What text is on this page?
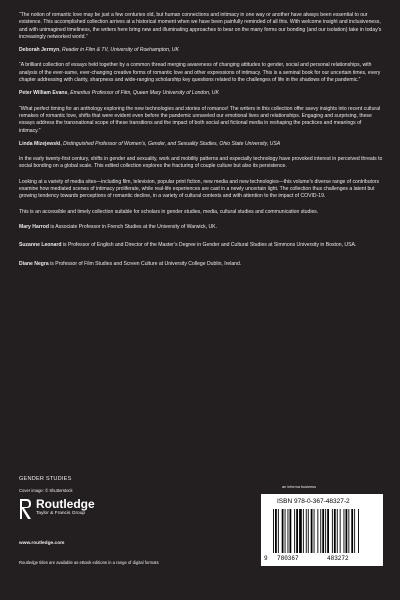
“The notion of romantic love may be just a few centuries old, but human connections and intimacy in one way or another have always been essential to our existence. This accomplished collection arrives at a historical moment when we have been painfully reminded of all this. With welcome insight and inclusiveness, and with unimagined timeliness, the writers here bring new and illuminating approaches to bear on the many forms our bonding (and our isolation) take in today’s increasingly networked world.”

Deborah Jermyn, Reader in Film & TV, University of Roehampton, UK

“A brilliant collection of essays held together by a common thread merging awareness of changing attitudes to gender, social and personal relationships, with analysis of the ever-same, ever-changing creative forms of romantic love and other expressions of intimacy. This is a seminal book for our uncertain times, every chapter addressing with clarity, sharpness and wide-ranging scholarship key questions related to the challenges of life in the shadows of the pandemic.”

Peter William Evans, Emeritus Professor of Film, Queen Mary University of London, UK

“What perfect timing for an anthology exploring the new technologies and stories of romance! The writers in this collection offer savvy insights into recent cultural remakes of romantic love, shifts that were evident even before the pandemic unraveled our emotional lives and relationships. Engaging and surprising, these essays address the transnational scope of these transitions and the impact of both social and fictional media in reshaping the practices and meanings of intimacy.”

Linda Mizejewski, Distinguished Professor of Women’s, Gender, and Sexuality Studies, Ohio State University, USA

In the early twenty-first century, shifts in gender and sexuality, work and mobility patterns and especially technology have provoked interest in perceived threats to social bonding on a global scale. This edited collection explores the fracturing of couple culture but also its persistence.

Looking at a variety of media sites—including film, television, popular print fiction, new media and new technologies—this volume’s diverse range of contributors examine how mediated scenes of intimacy proliferate, while real-life experiences are cast in a newly uncertain light. The collection thus challenges a latent but growing tendency towards perceptions of romantic decline, in a variety of cultural contexts and with attention to the impact of COVID-19.

This is an accessible and timely collection suitable for scholars in gender studies, media, cultural studies and communication studies.

Mary Harrod is Associate Professor in French Studies at the University of Warwick, UK.

Suzanne Leonard is Professor of English and Director of the Master’s Degree in Gender and Cultural Studies at Simmons University in Boston, USA.

Diane Negra is Professor of Film Studies and Screen Culture at University College Dublin, Ireland.

GENDER STUDIES
Cover image: © Shutterstock
Routledge
Taylor & Francis Group
www.routledge.com
Routledge titles are available as eBook editions in a range of digital formats
an informa business
ISBN 978-0-367-48327-2
9 780367	483272
